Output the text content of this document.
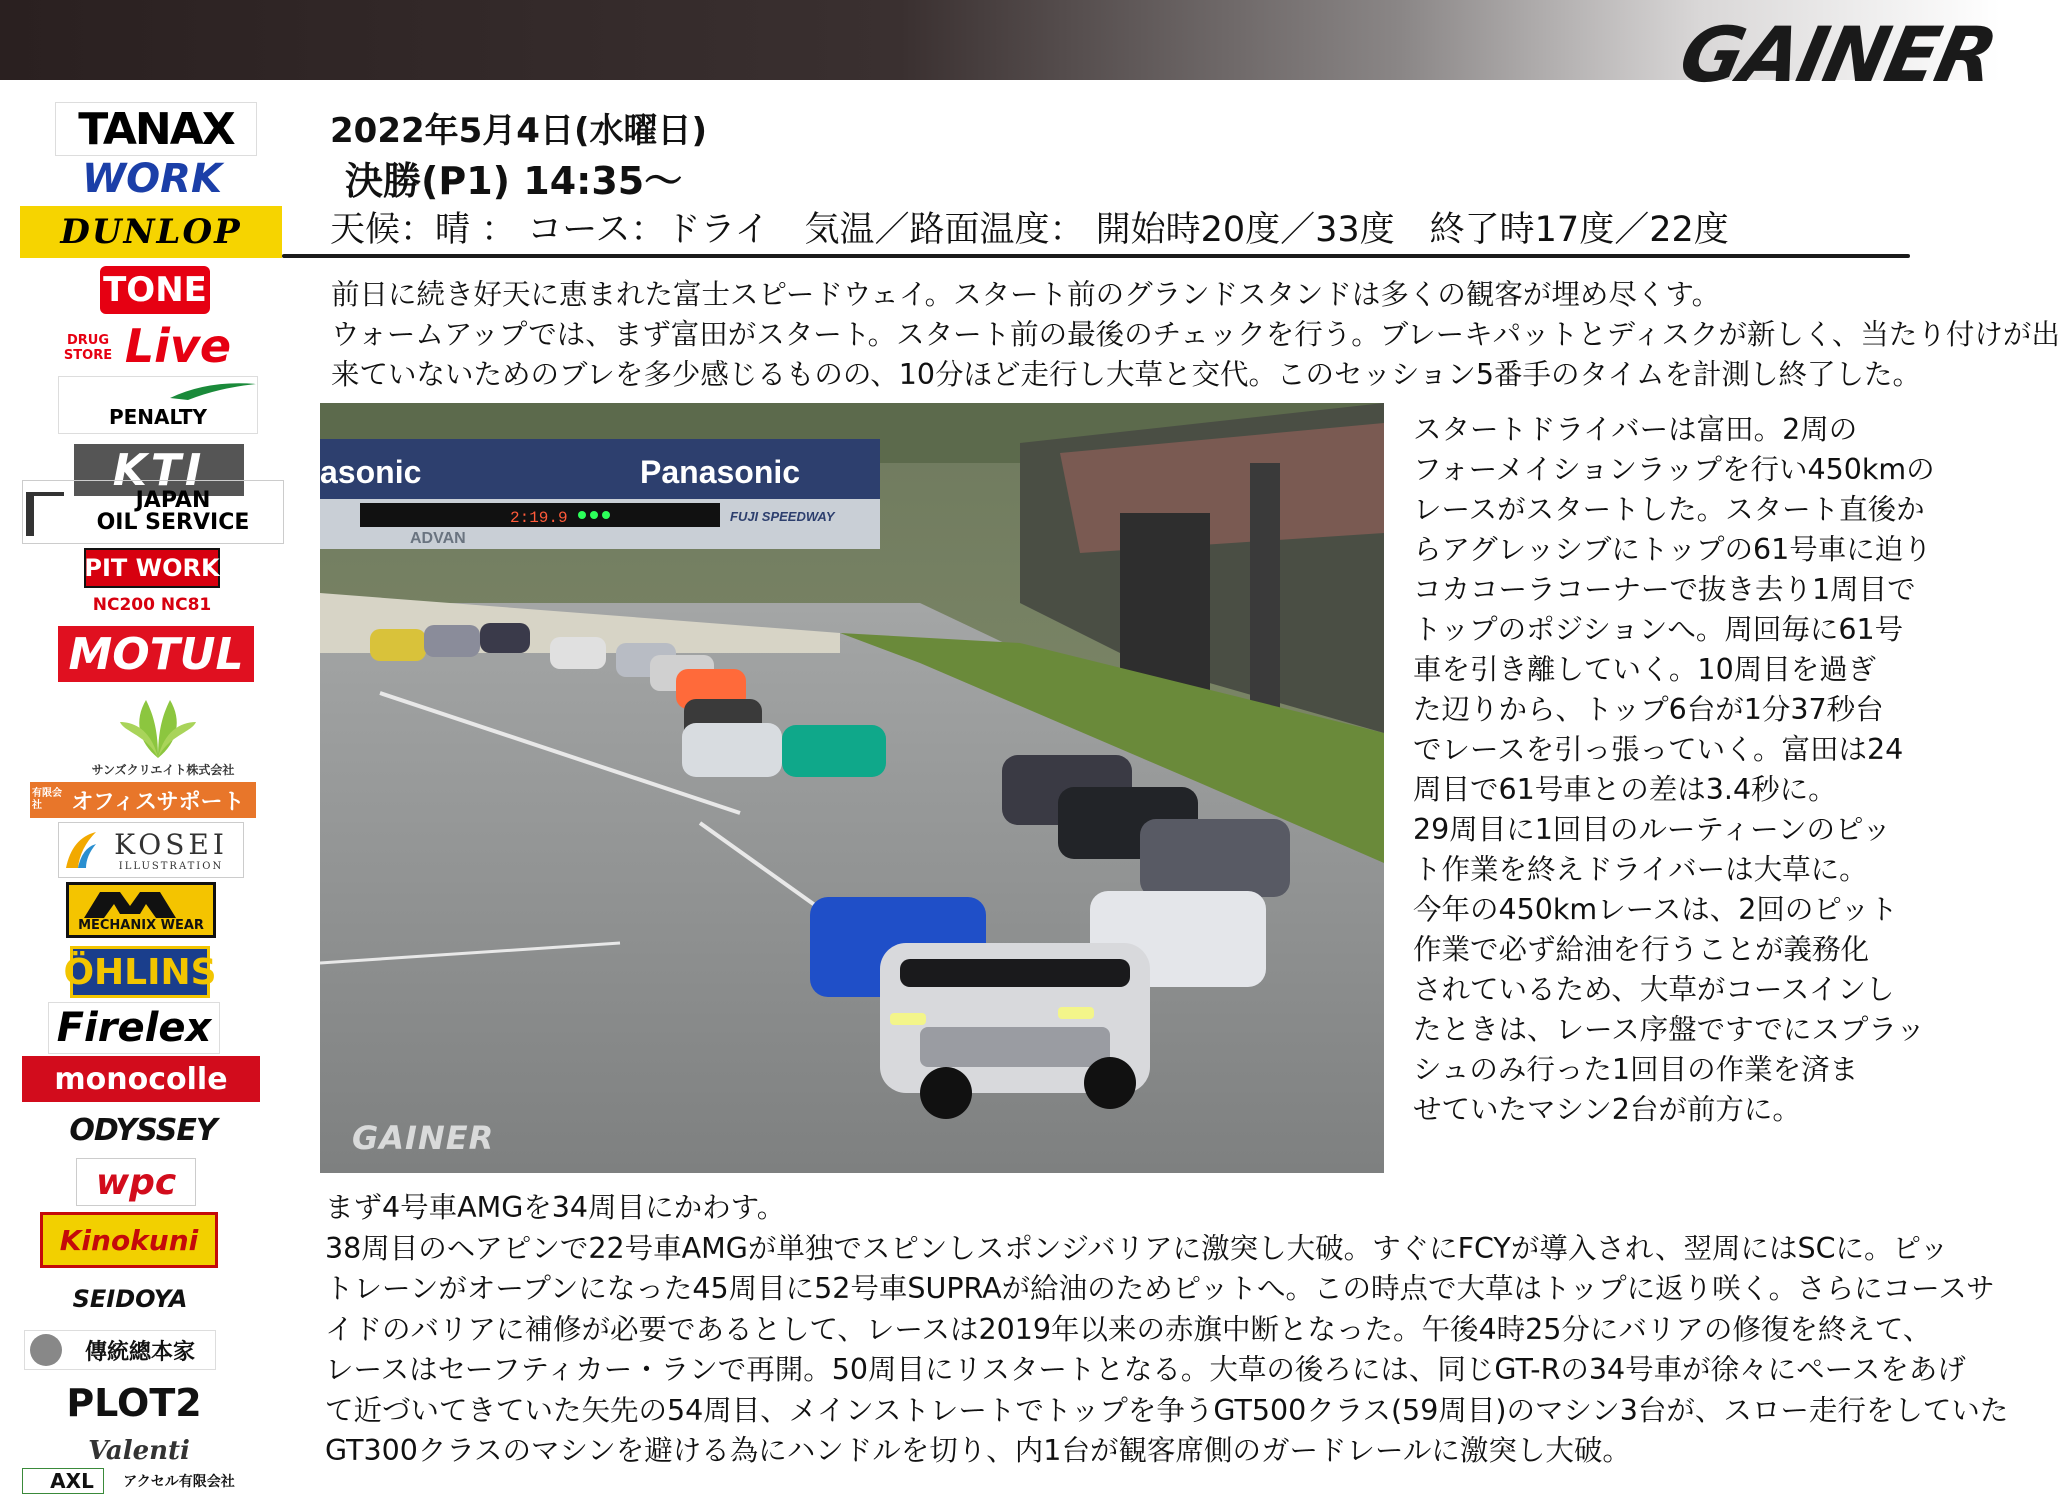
GAINER
TANAX
WORK
DUNLOP
TONE
DRUG STORE Live
PENALTY
KTI
JAPAN
OIL SERVICE
PIT WORK
NC200 NC81
MOTUL
サンズクリエイト株式会社
オフィスサポート
有限会社
KOSEI
ILLUSTRATION
MECHANIX WEAR
ÖHLINS
Firelex
monocolle
ODYSSEY
wpc
Kinokuni
SEIDOYA
傳統總本家
PLOT2
Valenti
AXL	アクセル有限会社
2022年5月4日(水曜日)
決勝(P1) 14:35～
天候：晴 ： コース：ドライ　気温／路面温度： 開始時20度／33度　終了時17度／22度
前日に続き好天に恵まれた富士スピードウェイ。スタート前のグランドスタンドは多くの観客が埋め尽くす。
ウォームアップでは、まず富田がスタート。スタート前の最後のチェックを行う。ブレーキパットとディスクが新しく、当たり付けが出
来ていないためのブレを多少感じるものの、10分ほど走行し大草と交代。このセッション5番手のタイムを計測し終了した。
asonic	Panasonic
2:19.9
ADVAN
FUJI SPEEDWAY
GAINER
スタートドライバーは富田。2周の
フォーメイションラップを行い450kmの
レースがスタートした。スタート直後か
らアグレッシブにトップの61号車に迫り
コカコーラコーナーで抜き去り1周目で
トップのポジションへ。周回毎に61号
車を引き離していく。10周目を過ぎ
た辺りから、トップ6台が1分37秒台
でレースを引っ張っていく。富田は24
周目で61号車との差は3.4秒に。
29周目に1回目のルーティーンのピッ
ト作業を終えドライバーは大草に。
今年の450kmレースは、2回のピット
作業で必ず給油を行うことが義務化
されているため、大草がコースインし
たときは、レース序盤ですでにスプラッ
シュのみ行った1回目の作業を済ま
せていたマシン2台が前方に。
まず4号車AMGを34周目にかわす。
38周目のヘアピンで22号車AMGが単独でスピンしスポンジバリアに激突し大破。すぐにFCYが導入され、翌周にはSCに。ピッ
トレーンがオープンになった45周目に52号車SUPRAが給油のためピットへ。この時点で大草はトップに返り咲く。さらにコースサ
イドのバリアに補修が必要であるとして、レースは2019年以来の赤旗中断となった。午後4時25分にバリアの修復を終えて、
レースはセーフティカー・ランで再開。50周目にリスタートとなる。大草の後ろには、同じGT-Rの34号車が徐々にペースをあげ
て近づいてきていた矢先の54周目、メインストレートでトップを争うGT500クラス(59周目)のマシン3台が、スロー走行をしていた
GT300クラスのマシンを避ける為にハンドルを切り、内1台が観客席側のガードレールに激突し大破。
